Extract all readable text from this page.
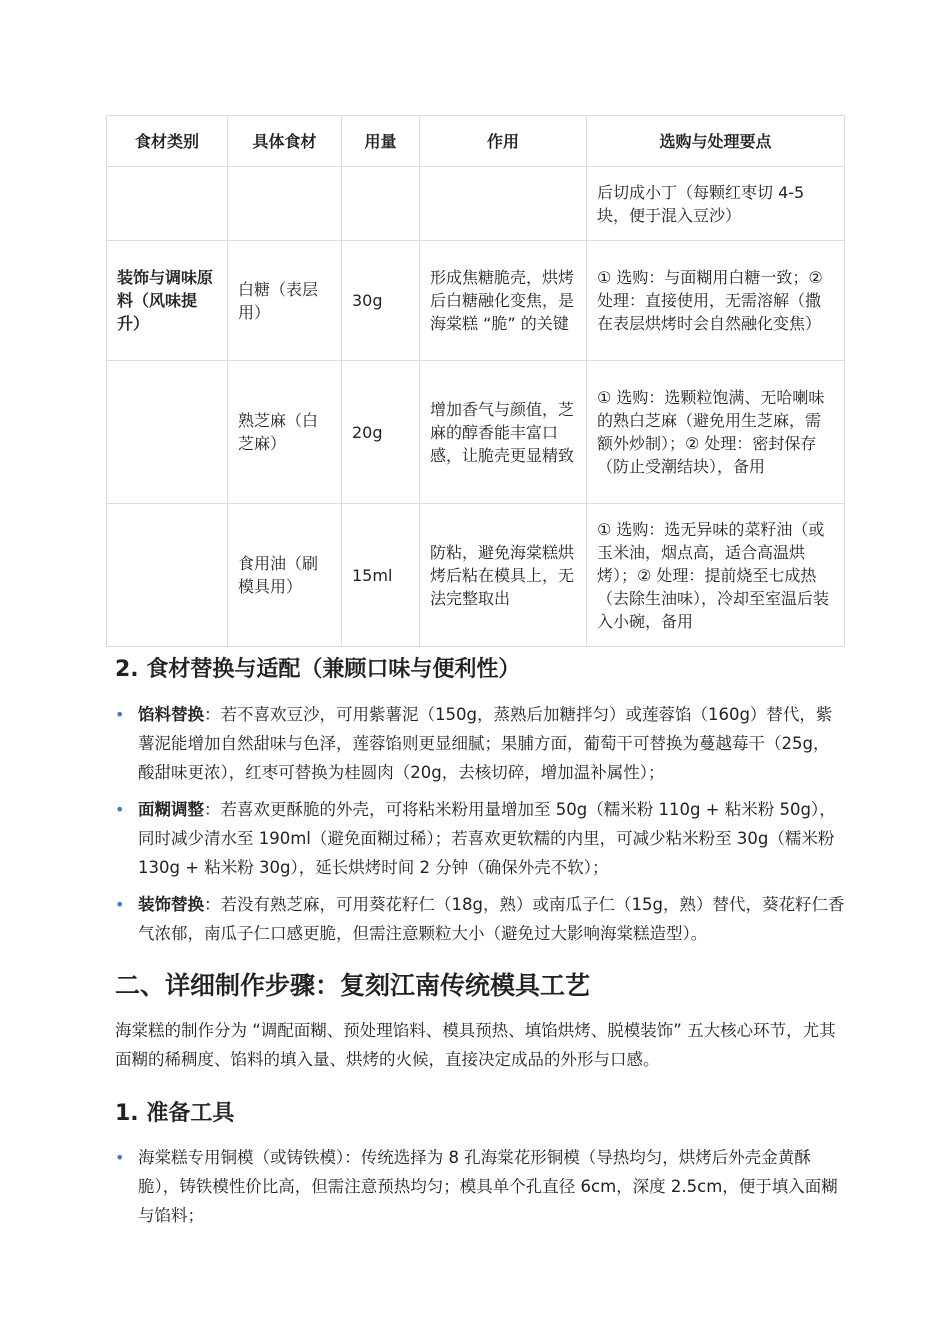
食材类别	具体食材	用量	作用	选购与处理要点
				后切成小丁（每颗红枣切 4-5 块，便于混入豆沙）
装饰与调味原料（风味提升）	白糖（表层用）	30g	形成焦糖脆壳，烘烤后白糖融化变焦，是海棠糕 “脆” 的关键	① 选购：与面糊用白糖一致；② 处理：直接使用，无需溶解（撒在表层烘烤时会自然融化变焦）
	熟芝麻（白芝麻）	20g	增加香气与颜值，芝麻的醇香能丰富口感，让脆壳更显精致	① 选购：选颗粒饱满、无哈喇味的熟白芝麻（避免用生芝麻，需额外炒制）；② 处理：密封保存（防止受潮结块），备用
	食用油（刷模具用）	15ml	防粘，避免海棠糕烘烤后粘在模具上，无法完整取出	① 选购：选无异味的菜籽油（或玉米油，烟点高，适合高温烘烤）；② 处理：提前烧至七成热（去除生油味），冷却至室温后装入小碗，备用
2. 食材替换与适配（兼顾口味与便利性）
• 馅料替换：若不喜欢豆沙，可用紫薯泥（150g，蒸熟后加糖拌匀）或莲蓉馅（160g）替代，紫薯泥能增加自然甜味与色泽，莲蓉馅则更显细腻；果脯方面，葡萄干可替换为蔓越莓干（25g，酸甜味更浓），红枣可替换为桂圆肉（20g，去核切碎，增加温补属性）；
• 面糊调整：若喜欢更酥脆的外壳，可将粘米粉用量增加至 50g（糯米粉 110g + 粘米粉 50g），同时减少清水至 190ml（避免面糊过稀）；若喜欢更软糯的内里，可减少粘米粉至 30g（糯米粉 130g + 粘米粉 30g），延长烘烤时间 2 分钟（确保外壳不软）；
• 装饰替换：若没有熟芝麻，可用葵花籽仁（18g，熟）或南瓜子仁（15g，熟）替代，葵花籽仁香气浓郁，南瓜子仁口感更脆，但需注意颗粒大小（避免过大影响海棠糕造型）。
二、详细制作步骤：复刻江南传统模具工艺

海棠糕的制作分为 “调配面糊、预处理馅料、模具预热、填馅烘烤、脱模装饰” 五大核心环节，尤其面糊的稀稠度、馅料的填入量、烘烤的火候，直接决定成品的外形与口感。

1. 准备工具
• 海棠糕专用铜模（或铸铁模）：传统选择为 8 孔海棠花形铜模（导热均匀，烘烤后外壳金黄酥脆），铸铁模性价比高，但需注意预热均匀；模具单个孔直径 6cm，深度 2.5cm，便于填入面糊与馅料；
